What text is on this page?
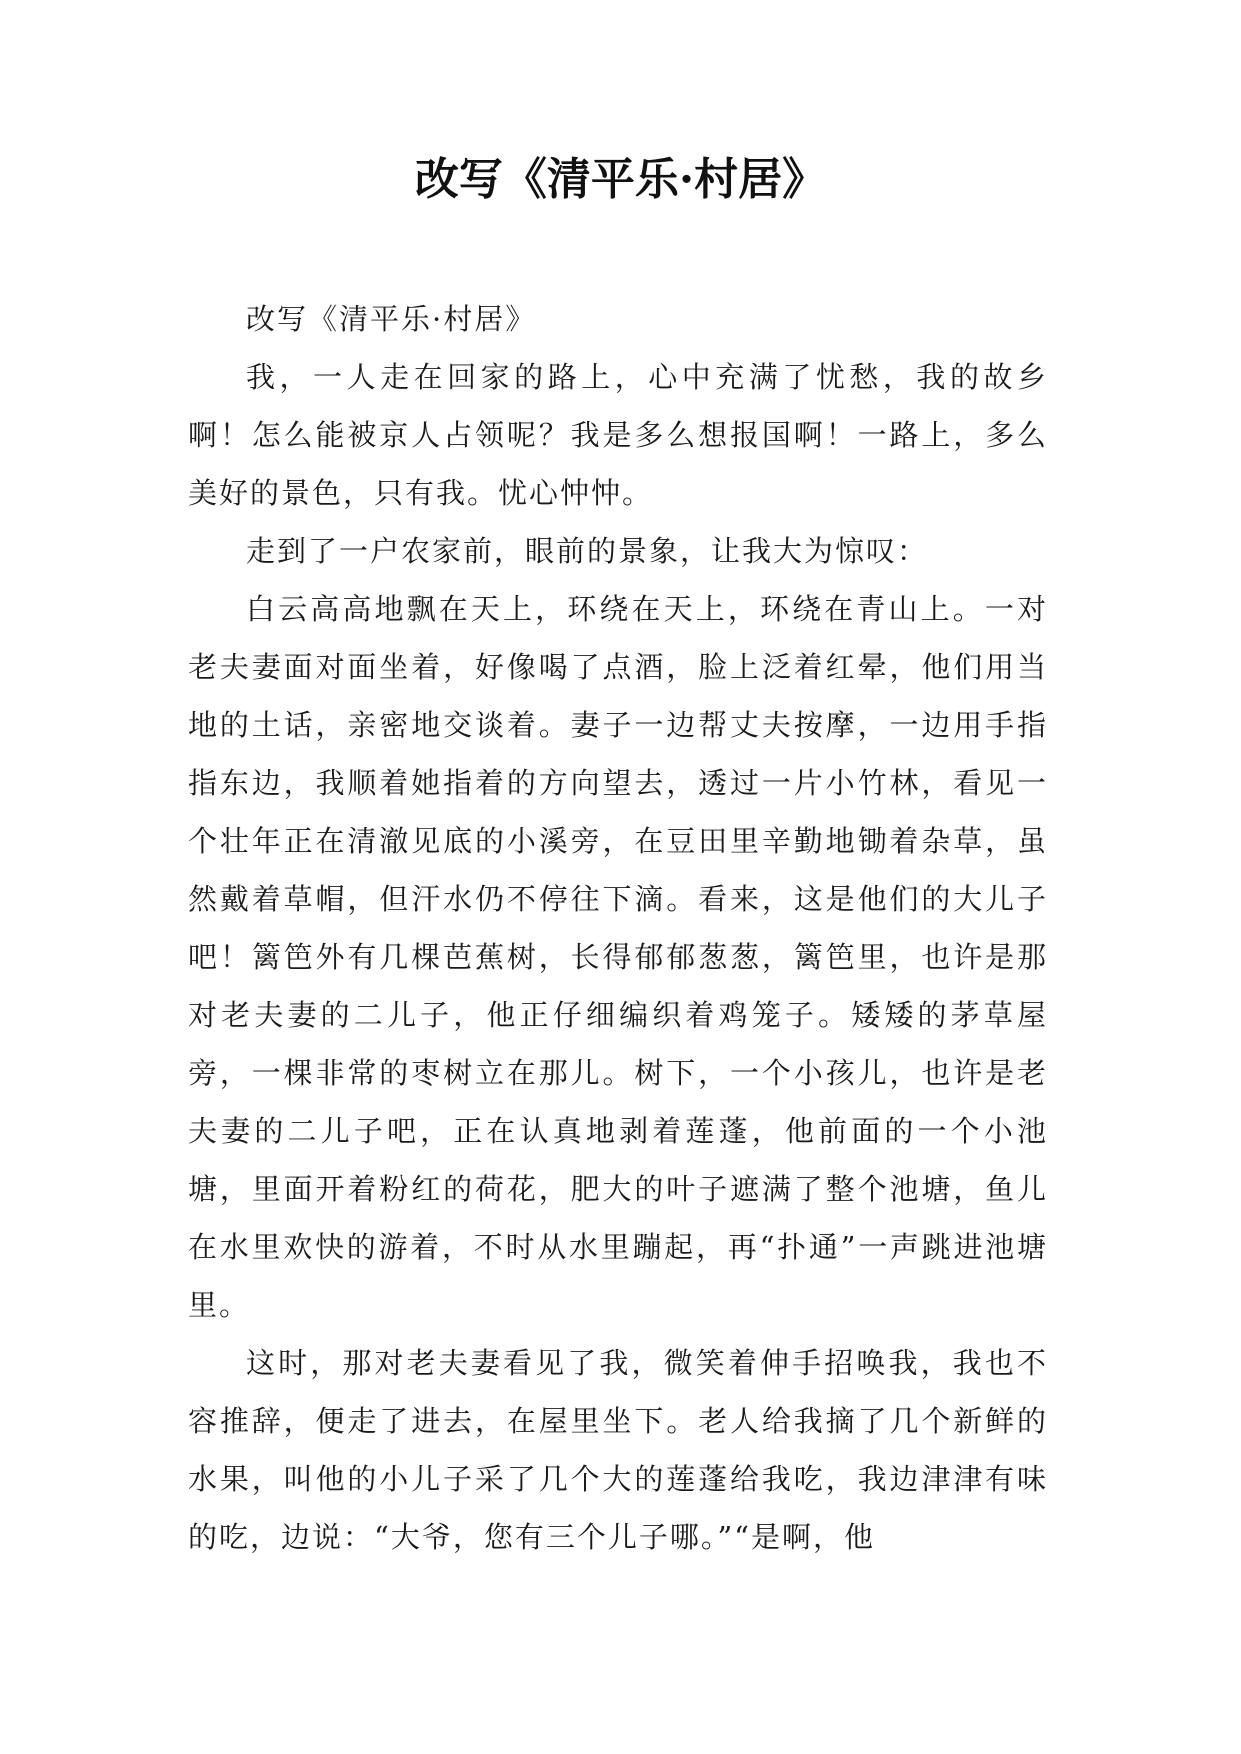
改写《清平乐·村居》

改写《清平乐·村居》

我，一人走在回家的路上，心中充满了忧愁，我的故乡啊！怎么能被京人占领呢？我是多么想报国啊！一路上，多么美好的景色，只有我。忧心忡忡。

走到了一户农家前，眼前的景象，让我大为惊叹：

白云高高地飘在天上，环绕在天上，环绕在青山上。一对老夫妻面对面坐着，好像喝了点酒，脸上泛着红晕，他们用当地的土话，亲密地交谈着。妻子一边帮丈夫按摩，一边用手指指东边，我顺着她指着的方向望去，透过一片小竹林，看见一个壮年正在清澈见底的小溪旁，在豆田里辛勤地锄着杂草，虽然戴着草帽，但汗水仍不停往下滴。看来，这是他们的大儿子吧！篱笆外有几棵芭蕉树，长得郁郁葱葱，篱笆里，也许是那对老夫妻的二儿子，他正仔细编织着鸡笼子。矮矮的茅草屋旁，一棵非常的枣树立在那儿。树下，一个小孩儿，也许是老夫妻的二儿子吧，正在认真地剥着莲蓬，他前面的一个小池塘，里面开着粉红的荷花，肥大的叶子遮满了整个池塘，鱼儿在水里欢快的游着，不时从水里蹦起，再“扑通”一声跳进池塘里。

这时，那对老夫妻看见了我，微笑着伸手招唤我，我也不容推辞，便走了进去，在屋里坐下。老人给我摘了几个新鲜的水果，叫他的小儿子采了几个大的莲蓬给我吃，我边津津有味的吃，边说：“大爷，您有三个儿子哪。”“是啊，他
